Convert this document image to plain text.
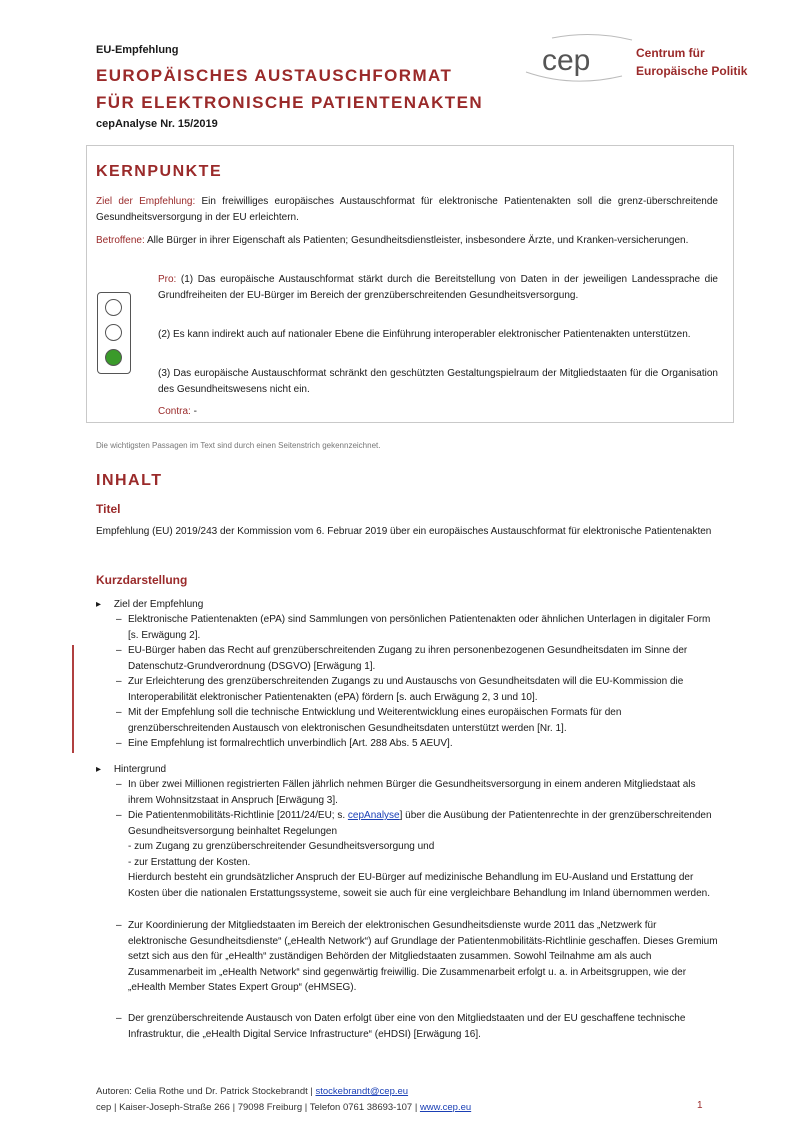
EU-Empfehlung
EUROPÄISCHES AUSTAUSCHFORMAT
FÜR ELEKTRONISCHE PATIENTENAKTEN
cepAnalyse Nr. 15/2019
cep	Centrum für
Europäische Politik
KERNPUNKTE
Ziel der Empfehlung: Ein freiwilliges europäisches Austauschformat für elektronische Patientenakten soll die grenz-überschreitende Gesundheitsversorgung in der EU erleichtern.
Betroffene: Alle Bürger in ihrer Eigenschaft als Patienten; Gesundheitsdienstleister, insbesondere Ärzte, und Kranken-versicherungen.
Pro: (1) Das europäische Austauschformat stärkt durch die Bereitstellung von Daten in der jeweiligen Landessprache die Grundfreiheiten der EU-Bürger im Bereich der grenzüberschreitenden Gesundheitsversorgung.
(2) Es kann indirekt auch auf nationaler Ebene die Einführung interoperabler elektronischer Patientenakten unterstützen.
(3) Das europäische Austauschformat schränkt den geschützten Gestaltungspielraum der Mitgliedstaaten für die Organisation des Gesundheitswesens nicht ein.
Contra: -
Die wichtigsten Passagen im Text sind durch einen Seitenstrich gekennzeichnet.
INHALT
Titel
Empfehlung (EU) 2019/243 der Kommission vom 6. Februar 2019 über ein europäisches Austauschformat für elektronische Patientenakten
Kurzdarstellung
▸ Ziel der Empfehlung
– Elektronische Patientenakten (ePA) sind Sammlungen von persönlichen Patientenakten oder ähnlichen Unterlagen in digitaler Form [s. Erwägung 2].
– EU-Bürger haben das Recht auf grenzüberschreitenden Zugang zu ihren personenbezogenen Gesundheitsdaten im Sinne der Datenschutz-Grundverordnung (DSGVO) [Erwägung 1].
– Zur Erleichterung des grenzüberschreitenden Zugangs zu und Austauschs von Gesundheitsdaten will die EU-Kommission die Interoperabilität elektronischer Patientenakten (ePA) fördern [s. auch Erwägung 2, 3 und 10].
– Mit der Empfehlung soll die technische Entwicklung und Weiterentwicklung eines europäischen Formats für den grenzüberschreitenden Austausch von elektronischen Gesundheitsdaten unterstützt werden [Nr. 1].
– Eine Empfehlung ist formalrechtlich unverbindlich [Art. 288 Abs. 5 AEUV].
▸ Hintergrund
– In über zwei Millionen registrierten Fällen jährlich nehmen Bürger die Gesundheitsversorgung in einem anderen Mitgliedstaat als ihrem Wohnsitzstaat in Anspruch [Erwägung 3].
– Die Patientenmobilitäts-Richtlinie [2011/24/EU; s. cepAnalyse] über die Ausübung der Patientenrechte in der grenzüberschreitenden Gesundheitsversorgung beinhaltet Regelungen
- zum Zugang zu grenzüberschreitender Gesundheitsversorgung und
- zur Erstattung der Kosten.
Hierdurch besteht ein grundsätzlicher Anspruch der EU-Bürger auf medizinische Behandlung im EU-Ausland und Erstattung der Kosten über die nationalen Erstattungssysteme, soweit sie auch für eine vergleichbare Behandlung im Inland übernommen werden.
– Zur Koordinierung der Mitgliedstaaten im Bereich der elektronischen Gesundheitsdienste wurde 2011 das „Netzwerk für elektronische Gesundheitsdienste“ („eHealth Network“) auf Grundlage der Patientenmobilitäts-Richtlinie geschaffen. Dieses Gremium setzt sich aus den für „eHealth“ zuständigen Behörden der Mitgliedstaaten zusammen. Sowohl Teilnahme am als auch Zusammenarbeit im „eHealth Network“ sind gegenwärtig freiwillig. Die Zusammenarbeit erfolgt u. a. in Arbeitsgruppen, wie der „eHealth Member States Expert Group“ (eHMSEG).
– Der grenzüberschreitende Austausch von Daten erfolgt über eine von den Mitgliedstaaten und der EU geschaffene technische Infrastruktur, die „eHealth Digital Service Infrastructure“ (eHDSI) [Erwägung 16].
Autoren: Celia Rothe und Dr. Patrick Stockebrandt | stockebrandt@cep.eu
cep | Kaiser-Joseph-Straße 266 | 79098 Freiburg | Telefon 0761 38693-107 | www.cep.eu	1
